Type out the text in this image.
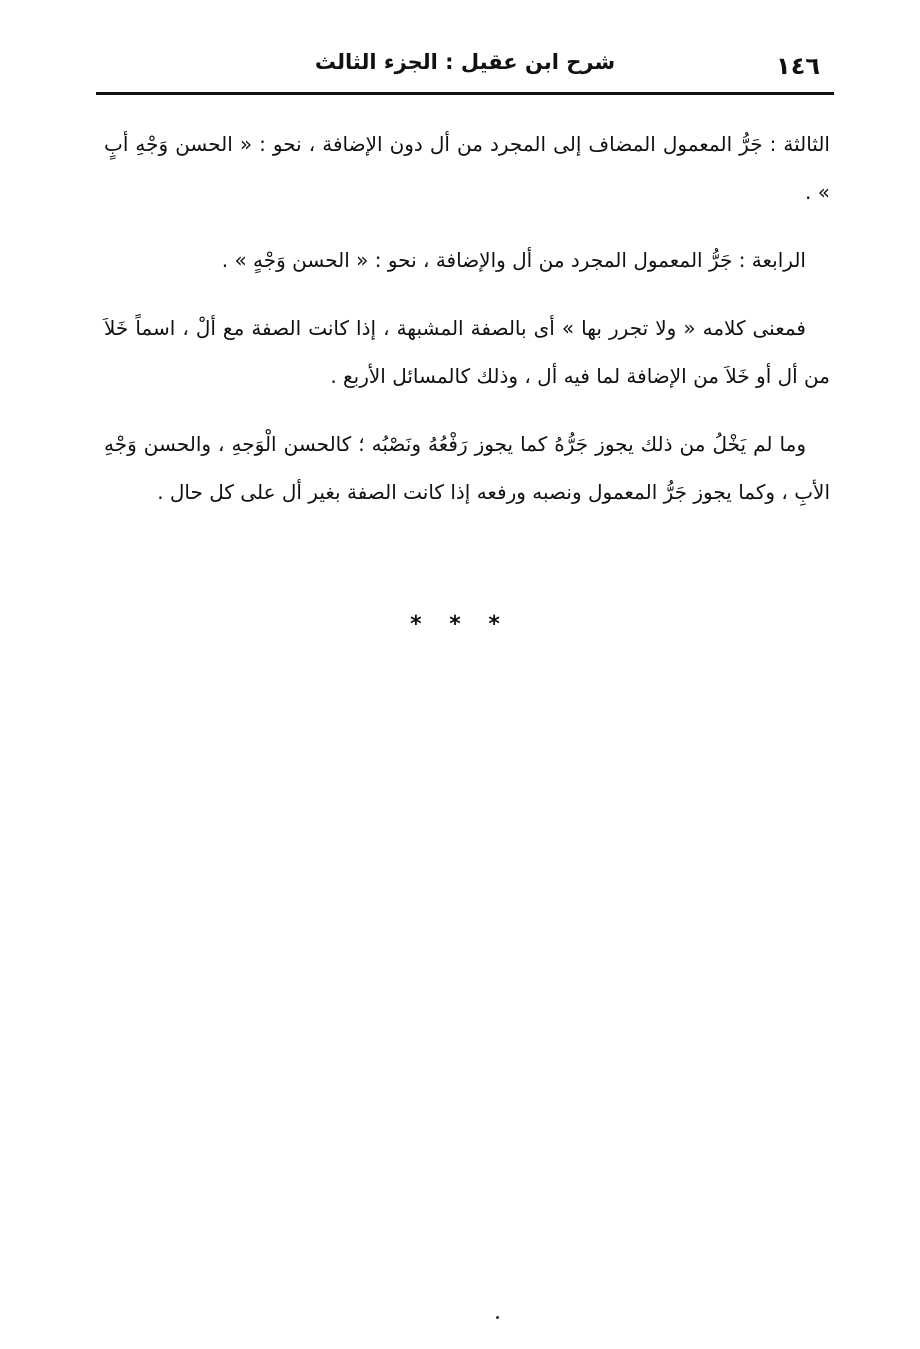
١٤٦
شرح ابن عقيل : الجزء الثالث

الثالثة : جَرُّ المعمول المضاف إلى المجرد من أل دون الإضافة ، نحو : « الحسن وَجْهِ أبٍ » .

الرابعة : جَرُّ المعمول المجرد من أل والإضافة ، نحو : « الحسن وَجْهٍ » .

فمعنى كلامه « ولا تجرر بها » أى بالصفة المشبهة ، إذا كانت الصفة مع ألْ ، اسماً خَلاَ من أل أو خَلاَ من الإضافة لما فيه أل ، وذلك كالمسائل الأربع .

وما لم يَخْلُ من ذلك يجوز جَرُّهُ كما يجوز رَفْعُهُ ونَصْبُه ؛ كالحسن الْوَجهِ ، والحسن وَجْهِ الأبِ ، وكما يجوز جَرُّ المعمول ونصبه ورفعه إذا كانت الصفة بغير أل على كل حال .

* * *
